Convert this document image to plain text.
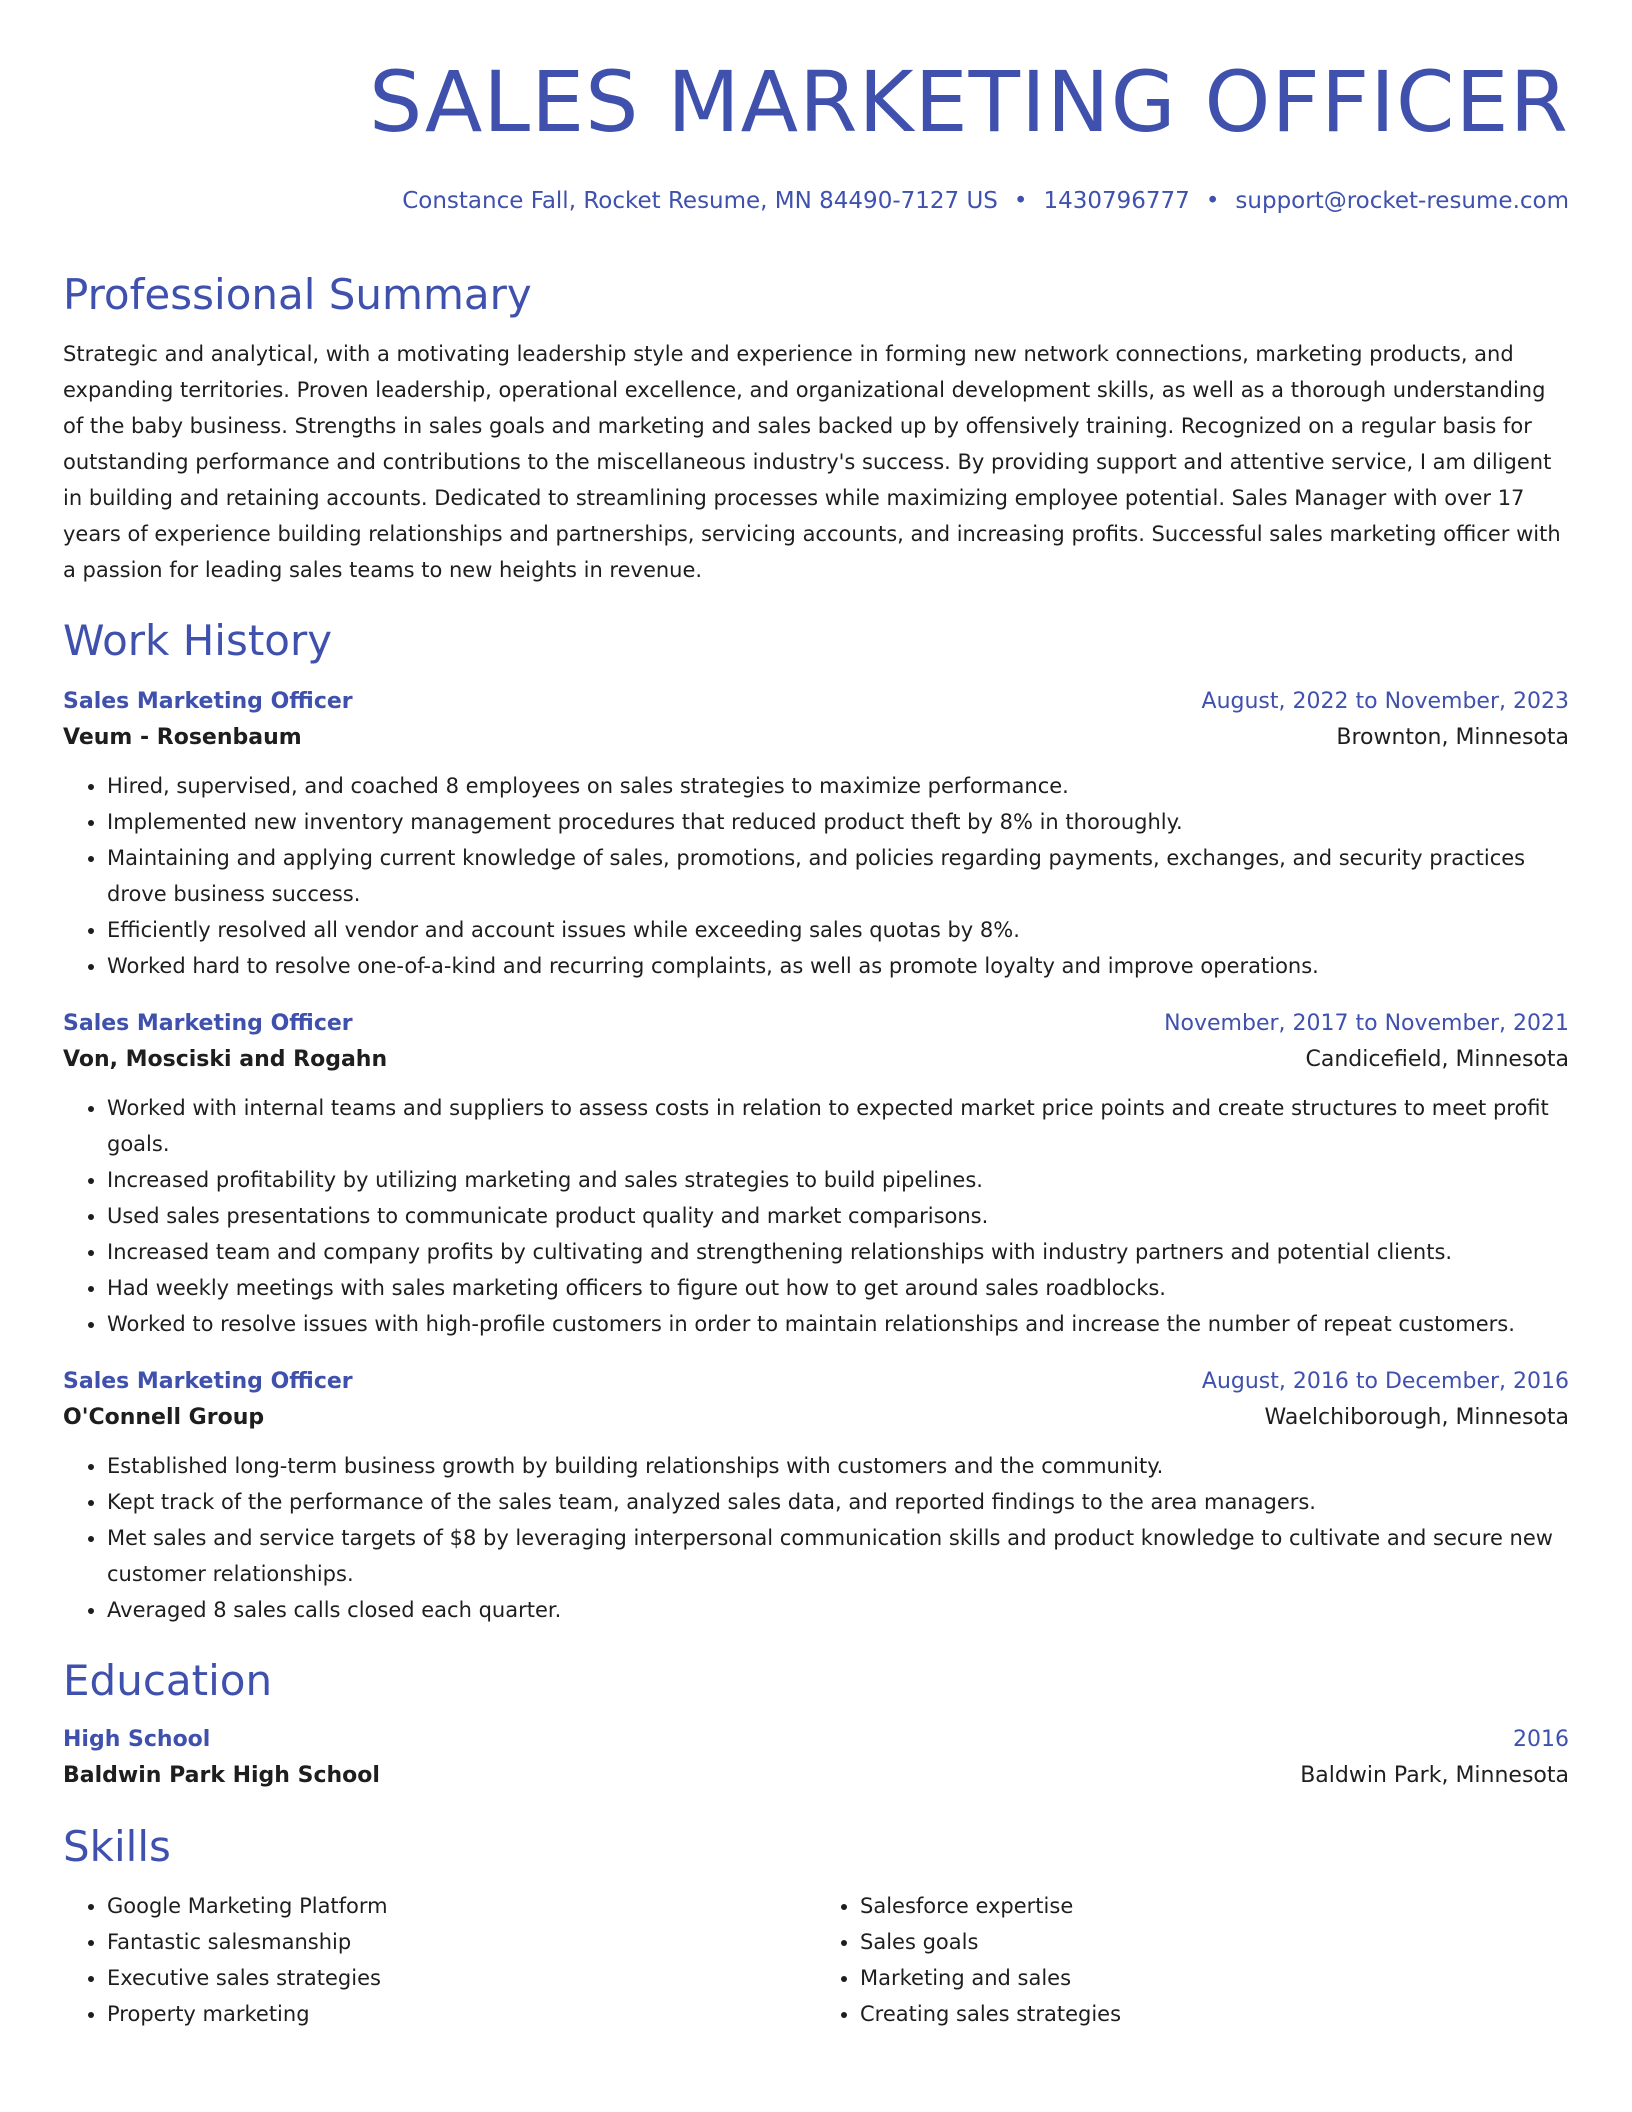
SALES MARKETING OFFICER
Constance Fall, Rocket Resume, MN 84490-7127 US • 1430796777 • support@rocket-resume.com
Professional Summary
Strategic and analytical, with a motivating leadership style and experience in forming new network connections, marketing products, and expanding territories. Proven leadership, operational excellence, and organizational development skills, as well as a thorough understanding of the baby business. Strengths in sales goals and marketing and sales backed up by offensively training. Recognized on a regular basis for outstanding performance and contributions to the miscellaneous industry's success. By providing support and attentive service, I am diligent in building and retaining accounts. Dedicated to streamlining processes while maximizing employee potential. Sales Manager with over 17 years of experience building relationships and partnerships, servicing accounts, and increasing profits. Successful sales marketing officer with a passion for leading sales teams to new heights in revenue.
Work History
Sales Marketing Officer	August, 2022 to November, 2023
Veum - Rosenbaum	Brownton, Minnesota
• Hired, supervised, and coached 8 employees on sales strategies to maximize performance.
• Implemented new inventory management procedures that reduced product theft by 8% in thoroughly.
• Maintaining and applying current knowledge of sales, promotions, and policies regarding payments, exchanges, and security practices drove business success.
• Efficiently resolved all vendor and account issues while exceeding sales quotas by 8%.
• Worked hard to resolve one-of-a-kind and recurring complaints, as well as promote loyalty and improve operations.
Sales Marketing Officer	November, 2017 to November, 2021
Von, Mosciski and Rogahn	Candicefield, Minnesota
• Worked with internal teams and suppliers to assess costs in relation to expected market price points and create structures to meet profit goals.
• Increased profitability by utilizing marketing and sales strategies to build pipelines.
• Used sales presentations to communicate product quality and market comparisons.
• Increased team and company profits by cultivating and strengthening relationships with industry partners and potential clients.
• Had weekly meetings with sales marketing officers to figure out how to get around sales roadblocks.
• Worked to resolve issues with high-profile customers in order to maintain relationships and increase the number of repeat customers.
Sales Marketing Officer	August, 2016 to December, 2016
O'Connell Group	Waelchiborough, Minnesota
• Established long-term business growth by building relationships with customers and the community.
• Kept track of the performance of the sales team, analyzed sales data, and reported findings to the area managers.
• Met sales and service targets of $8 by leveraging interpersonal communication skills and product knowledge to cultivate and secure new customer relationships.
• Averaged 8 sales calls closed each quarter.
Education
High School	2016
Baldwin Park High School	Baldwin Park, Minnesota
Skills
• Google Marketing Platform
• Fantastic salesmanship
• Executive sales strategies
• Property marketing
• Salesforce expertise
• Sales goals
• Marketing and sales
• Creating sales strategies
